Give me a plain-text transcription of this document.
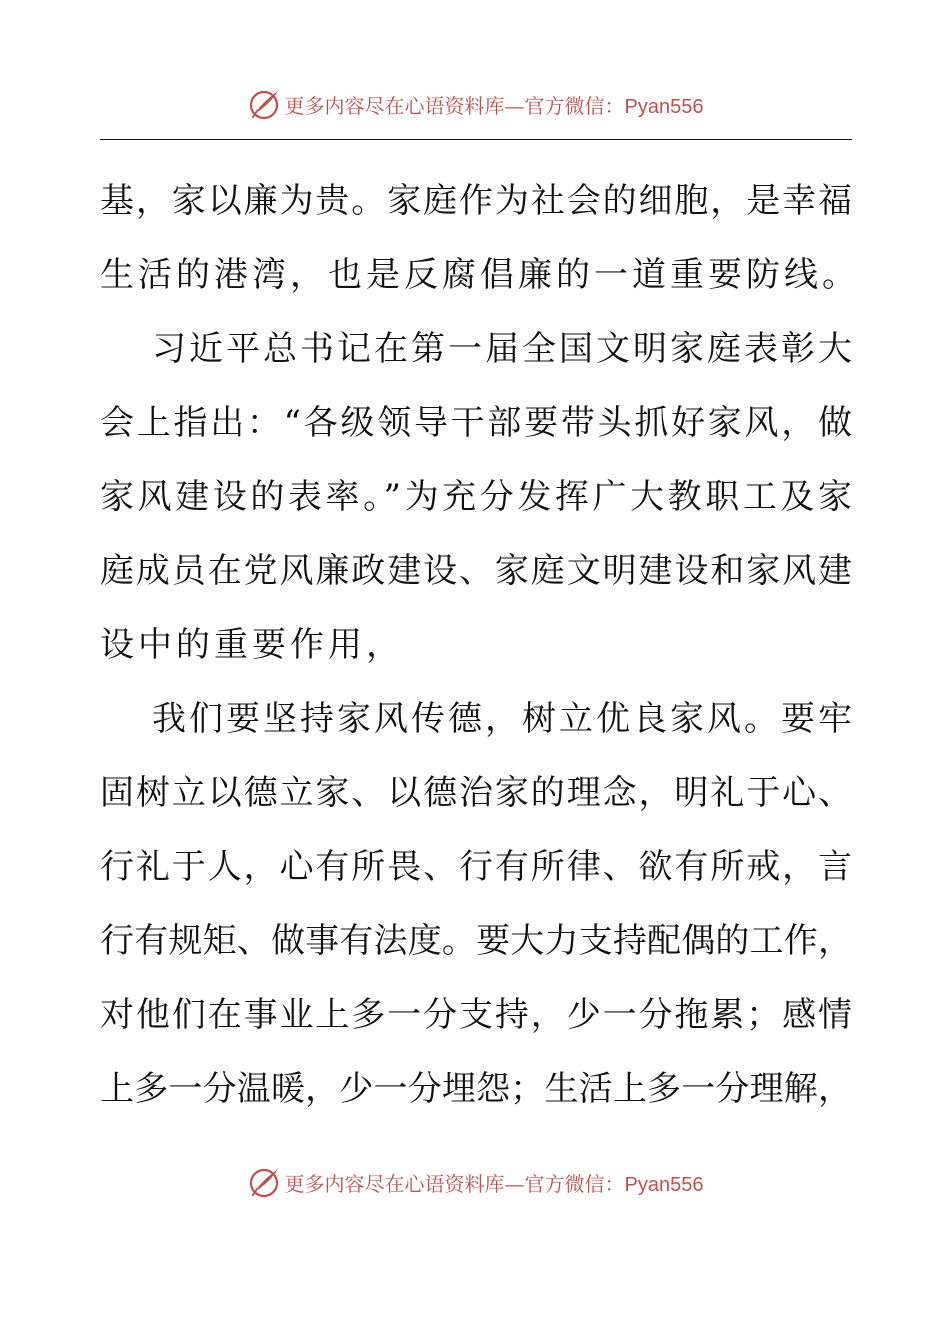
更多内容尽在心语资料库—官方微信：Pyan556
基，家以廉为贵。家庭作为社会的细胞，是幸福
生活的港湾，也是反腐倡廉的一道重要防线。
习近平总书记在第一届全国文明家庭表彰大
会上指出：“各级领导干部要带头抓好家风，做
家风建设的表率。”为充分发挥广大教职工及家
庭成员在党风廉政建设、家庭文明建设和家风建
设中的重要作用，
我们要坚持家风传德，树立优良家风。要牢
固树立以德立家、以德治家的理念，明礼于心、
行礼于人，心有所畏、行有所律、欲有所戒，言
行有规矩、做事有法度。要大力支持配偶的工作，
对他们在事业上多一分支持，少一分拖累；感情
上多一分温暖，少一分埋怨；生活上多一分理解，
更多内容尽在心语资料库—官方微信：Pyan556
